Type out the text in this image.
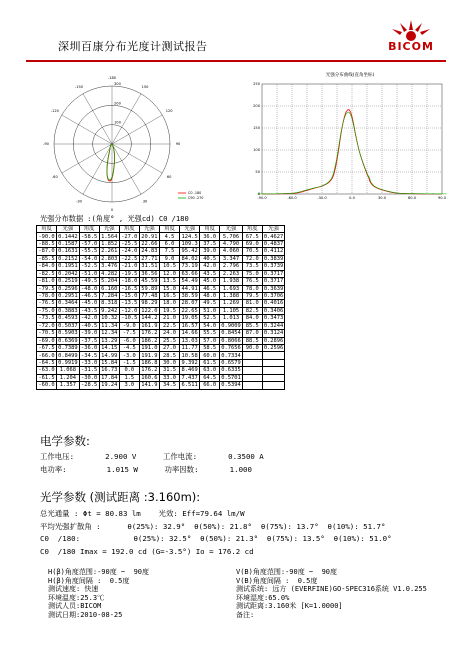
深圳百康分布光度计测试报告	BICOM
100
200
300
-180
-150
-120
-90
-60
-30
0
30
60
90
120
150
C0 -180
C90 -270
光强分布曲线(直角坐标)
250
200
150
100
50
0
-90.0	-60.0	-30.0	0.0	30.0	60.0	90.0
光强分布数据 :(角度° , 光强cd) C0 /180
角度	光强	角度	光强	角度	光强	角度	光强	角度	光强	角度	光强
-90.0	0.1442	-58.5	1.564	-27.0	20.91	4.5	124.5	36.0	5.706	67.5	0.4627
-88.5	0.1587	-57.0	1.852	-25.5	22.66	6.0	109.3	37.5	4.790	69.0	0.4837
-87.0	0.1631	-55.5	2.261	-24.0	24.83	7.5	95.42	39.0	4.060	70.5	0.4112
-85.5	0.2152	-54.0	2.803	-22.5	27.71	9.0	84.02	40.5	3.347	72.0	0.3839
-84.0	0.1951	-52.5	3.476	-21.0	31.51	10.5	73.19	42.0	2.796	73.5	0.3739
-82.5	0.2042	-51.0	4.282	-19.5	36.56	12.0	63.66	43.5	2.263	75.0	0.3717
-81.0	0.2519	-49.5	5.204	-18.0	45.59	13.5	54.49	45.0	1.938	76.5	0.3717
-79.5	0.2596	-48.0	6.160	-16.5	59.89	15.0	44.91	46.5	1.693	78.0	0.3639
-78.0	0.2951	-46.5	7.284	-15.0	77.48	16.5	38.59	48.0	1.388	79.5	0.3706
-76.5	0.3464	-45.0	8.318	-13.5	98.29	18.0	28.07	49.5	1.269	81.0	0.4016
-75.0	0.3883	-43.5	9.242	-12.0	122.0	19.5	22.65	51.0	1.105	82.5	0.3406
-73.5	0.4593	-42.0	10.32	-10.5	144.2	21.0	19.05	52.5	1.013	84.0	0.3473
-72.0	0.5037	-40.5	11.34	-9.0	161.9	22.5	16.57	54.0	0.9009	85.5	0.3244
-70.5	0.5903	-39.0	12.34	-7.5	176.2	24.0	14.66	55.5	0.8454	87.0	0.3124
-69.0	0.6369	-37.5	13.29	-6.0	186.2	25.5	13.03	57.0	0.8066	88.5	0.2896
-67.5	0.7389	-36.0	14.15	-4.5	191.0	27.0	11.77	58.5	0.7656	90.0	0.2596
-66.0	0.8499	-34.5	14.99	-3.0	191.9	28.5	10.58	60.0	0.7334		
-64.5	0.9919	-33.0	15.84	-1.5	186.8	30.0	9.392	61.5	0.6579		
-63.0	1.068	-31.5	16.73	0.0	176.2	31.5	8.469	63.0	0.6335		
-61.5	1.204	-30.0	17.84	1.5	160.6	33.0	7.437	64.5	0.5701		
-60.0	1.357	-28.5	19.24	3.0	141.9	34.5	6.511	66.0	0.5394		
电学参数:
工作电压:       2.900 V      工作电流:       0.3500 A
电功率:         1.015 W      功率因数:       1.000
光学参数 (测试距离 :3.160m):
总光通量 : Φt = 80.83 lm    光效: Eff=79.64 lm/W
平均光强扩散角 :      θ(25%): 32.9°  θ(50%): 21.8°  θ(75%): 13.7°  θ(10%): 51.7°
C0  /180:            θ(25%): 32.5°  θ(50%): 21.3°  θ(75%): 13.5°  θ(10%): 51.0°
C0  /180 Imax = 192.0 cd (G=-3.5°) Io = 176.2 cd
H(β)角度范围:-90度 ~  90度
H(β)角度间隔 :  0.5度
测试速度: 快速
环境温度:25.3℃
测试人员:BICOM
测试日期:2010-08-25
V(B)角度范围:-90度 ~  90度
V(B)角度间隔 :  0.5度
测试系统: 远方 (EVERFINE)GO-SPEC316系统 V1.0.255
环境湿度:65.0%
测试距离:3.160米 [K=1.0000]
备注:
